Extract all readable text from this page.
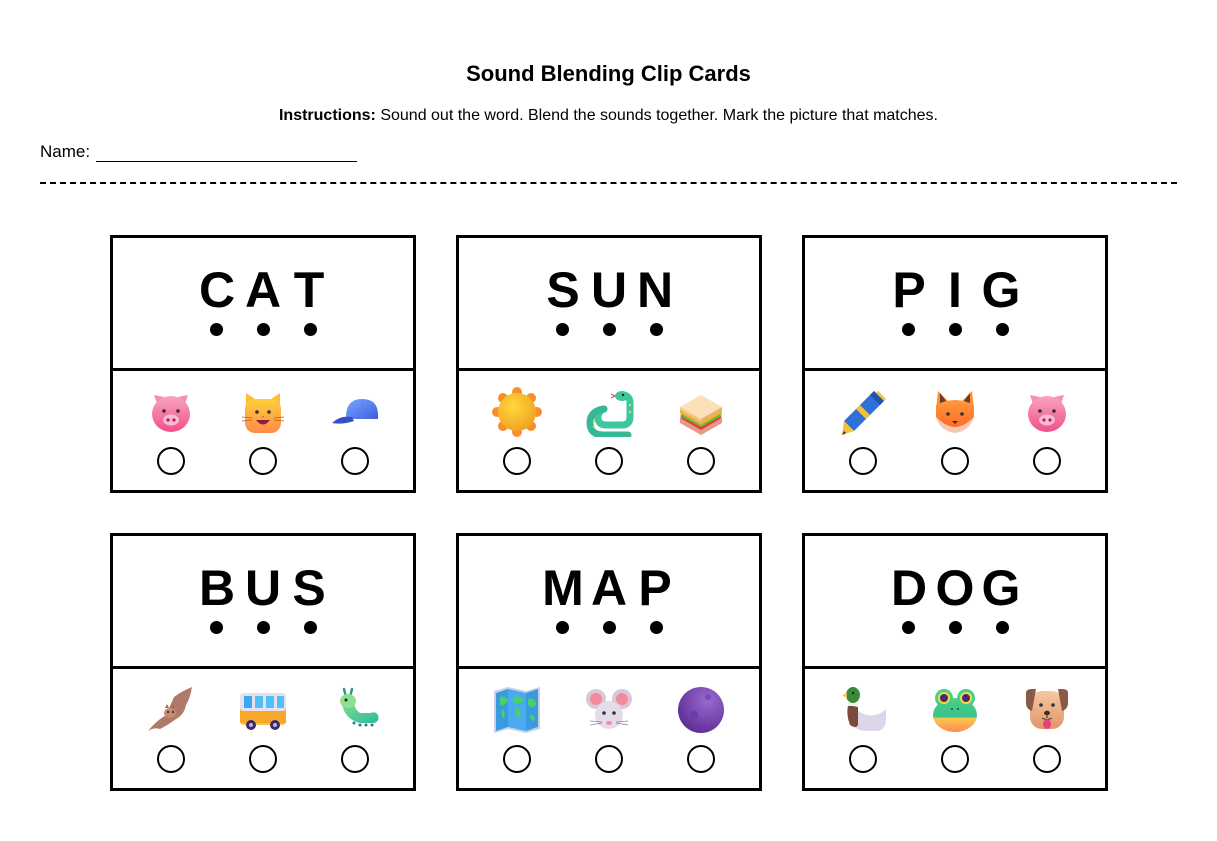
Sound Blending Clip Cards
Instructions: Sound out the word. Blend the sounds together. Mark the picture that matches.
Name:
C A T	S U N	P I G
B U S	M A P	D O G
